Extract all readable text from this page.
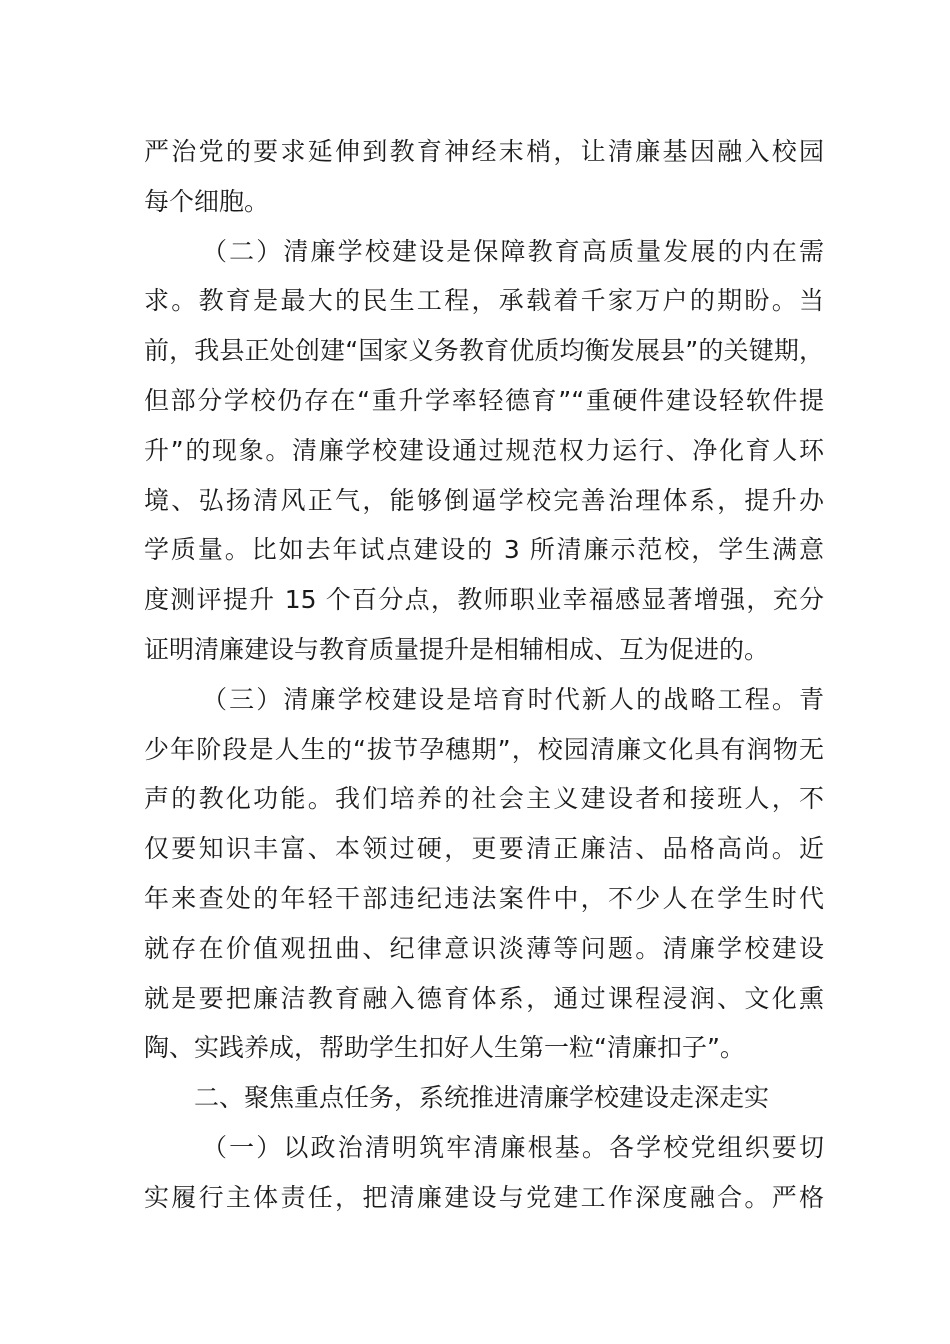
严治党的要求延伸到教育神经末梢，让清廉基因融入校园
每个细胞。
（二）清廉学校建设是保障教育高质量发展的内在需
求。教育是最大的民生工程，承载着千家万户的期盼。当
前，我县正处创建“国家义务教育优质均衡发展县”的关键期，
但部分学校仍存在“重升学率轻德育”“重硬件建设轻软件提
升”的现象。清廉学校建设通过规范权力运行、净化育人环
境、弘扬清风正气，能够倒逼学校完善治理体系，提升办
学质量。比如去年试点建设的 3 所清廉示范校，学生满意
度测评提升 15 个百分点，教师职业幸福感显著增强，充分
证明清廉建设与教育质量提升是相辅相成、互为促进的。
（三）清廉学校建设是培育时代新人的战略工程。青
少年阶段是人生的“拔节孕穗期”，校园清廉文化具有润物无
声的教化功能。我们培养的社会主义建设者和接班人，不
仅要知识丰富、本领过硬，更要清正廉洁、品格高尚。近
年来查处的年轻干部违纪违法案件中，不少人在学生时代
就存在价值观扭曲、纪律意识淡薄等问题。清廉学校建设
就是要把廉洁教育融入德育体系，通过课程浸润、文化熏
陶、实践养成，帮助学生扣好人生第一粒“清廉扣子”。
二、聚焦重点任务，系统推进清廉学校建设走深走实
（一）以政治清明筑牢清廉根基。各学校党组织要切
实履行主体责任，把清廉建设与党建工作深度融合。严格
